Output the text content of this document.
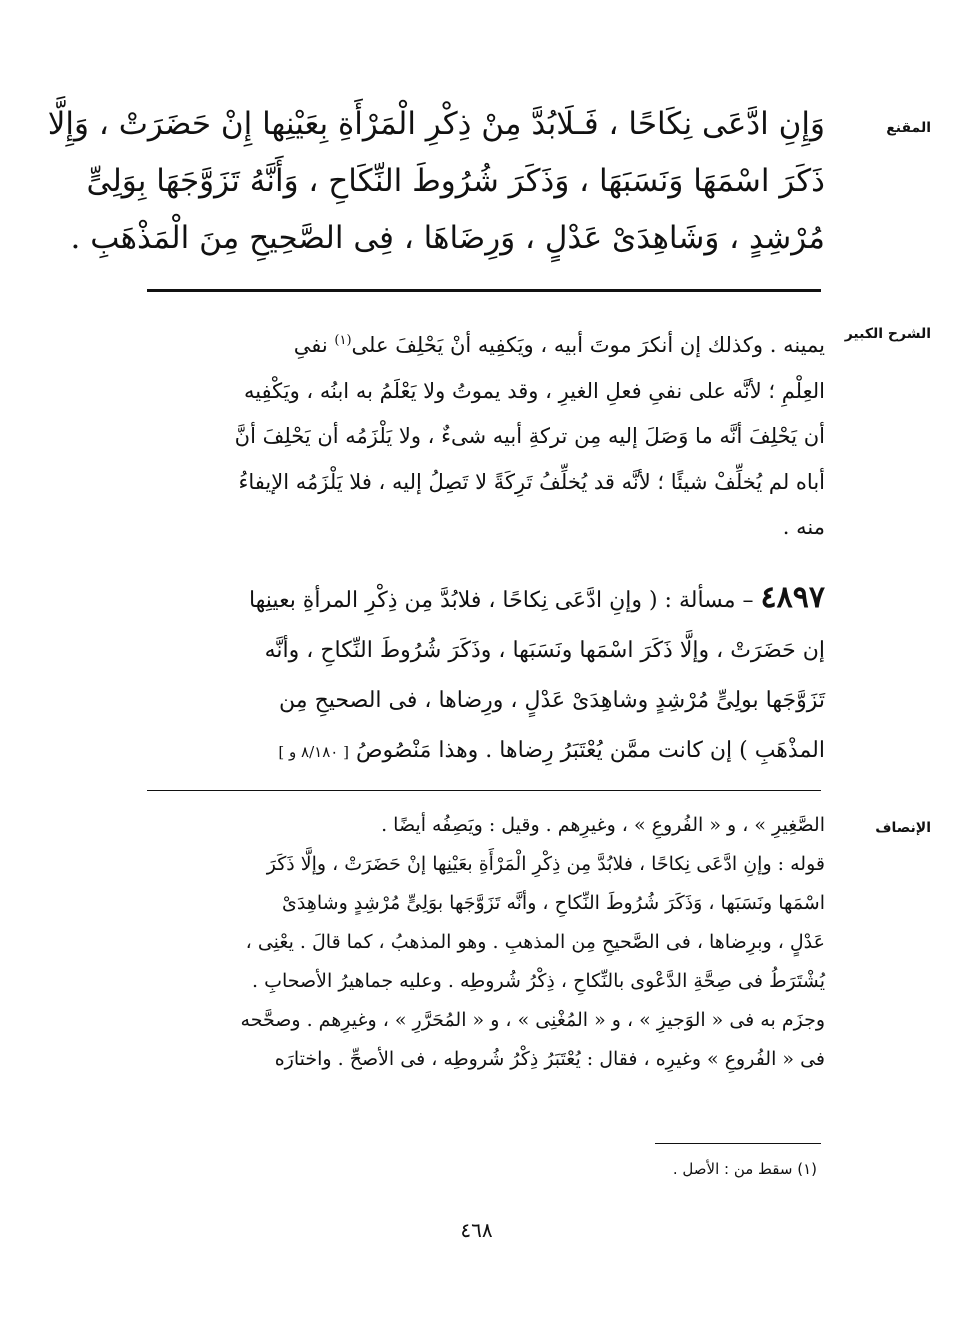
المقنع
وَإِنِ ادَّعَى نِكَاحًا ، فَـلَابُدَّ مِنْ ذِكْرِ الْمَرْأَةِ بِعَيْنِها إِنْ حَضَرَتْ ، وَإِلَّا
ذَكَرَ اسْمَهَا وَنَسَبَهَا ، وَذَكَرَ شُرُوطَ النِّكَاحِ ، وَأَنَّهُ تَزَوَّجَهَا بِوَلِىٍّ
مُرْشِدٍ ، وَشَاهِدَىْ عَدْلٍ ، وَرِضَاهَا ، فِى الصَّحِيحِ مِنَ الْمَذْهَبِ .
الشرح الكبير
يمينه . وكذلك إن أنكرَ موتَ أبيه ، ويَكفِيه أنْ يَحْلِفَ على$^{(١)}$ نفىِ
العِلْمِ ؛ لأنَّه على نفىِ فعلِ الغيرِ ، وقد يموتُ ولا يَعْلَمُ به ابنُه ، ويَكْفِيه
أن يَحْلِفَ أنَّه ما وَصَلَ إليه مِن تركةِ أبيه شىءٌ ، ولا يَلْزَمُه أن يَحْلِفَ أنَّ
أباه لم يُخلِّفْ شيئًا ؛ لأنَّه قد يُخلِّفُ تَرِكَةً لا تَصِلُ إليه ، فلا يَلْزَمُه الإيفاءُ
منه .
٤٨٩٧ – مسألة : ( وإنِ ادَّعَى نِكاحًا ، فلابُدَّ مِن ذِكْرِ المرأةِ بعينِها
إن حَضَرَتْ ، وإلَّا ذَكَرَ اسْمَها ونَسَبَها ، وذَكَرَ شُرُوطَ النِّكاحِ ، وأنَّه
تَزَوَّجَها بولِىٍّ مُرْشِدٍ وشاهِدَىْ عَدْلٍ ، ورِضاها ، فى الصحيحِ مِن
المذْهَبِ ) إن كانت ممَّن يُعْتَبَرُ رِضاها . وهذا مَنْصُوصُ [ ٨/١٨٠ و ]
الإنصاف
الصَّغِيرِ » ، و « الفُروعِ » ، وغيرِهم . وقيل : ويَصِفُه أيضًا .
قوله : وإنِ ادَّعَى نِكاحًا ، فلابُدَّ مِن ذِكْرِ الْمَرْأَةِ بعَيْنِها إنْ حَضَرَتْ ، وإلَّا ذَكَرَ
اسْمَها ونَسَبَها ، وَذَكَرَ شُرُوطَ النِّكاحِ ، وأنَّه تَزَوَّجَها بوَلِىٍّ مُرْشِدٍ وشاهِدَىْ
عَدْلٍ ، وبرِضاها ، فى الصَّحيحِ مِن المذهبِ . وهو المذهبُ ، كما قالَ . يعْنِى ،
يُشْتَرَطُ فى صِحَّةِ الدَّعْوى بالنِّكاحِ ، ذِكْرُ شُروطِه . وعليه جماهيرُ الأصحابِ .
وجزَم به فى « الوَجيزِ » ، و « المُغْنِى » ، و « المُحَرَّرِ » ، وغيرِهم . وصحَّحه
فى « الفُروعِ » وغيرِه ، فقال : يُعْتَبَرُ ذِكْرُ شُروطِه ، فى الأصحِّ . واختارَه
(١) سقط من : الأصل .
٤٦٨
